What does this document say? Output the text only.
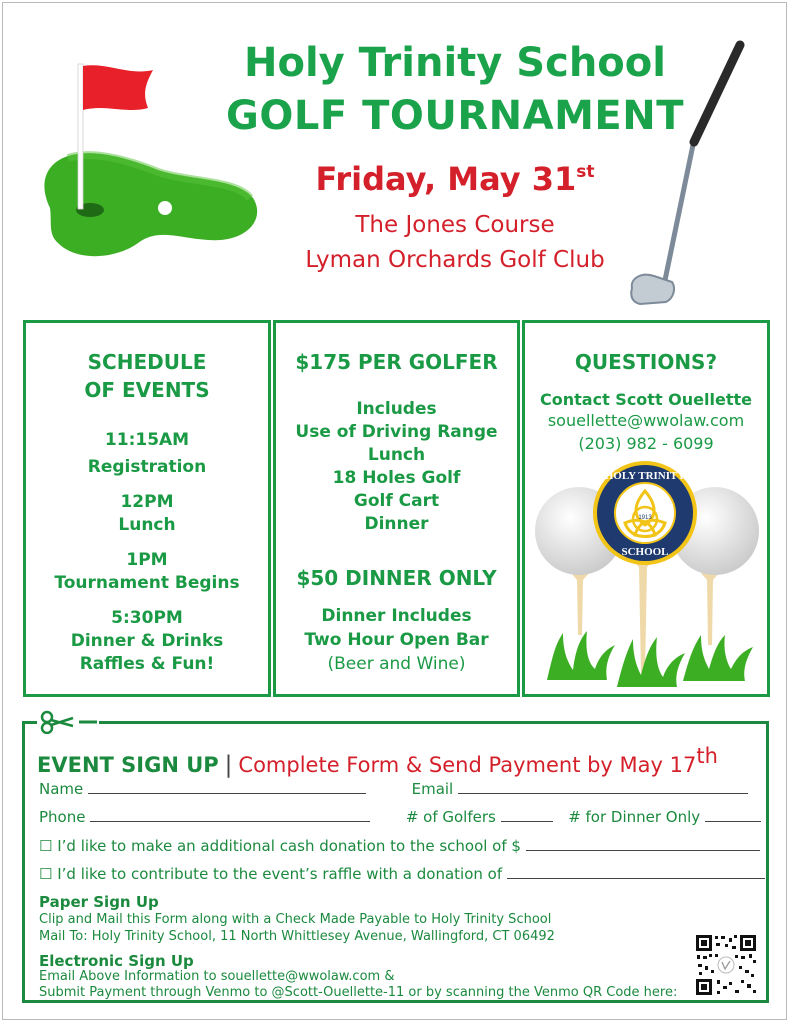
Holy Trinity School
GOLF TOURNAMENT
Friday, May 31st
The Jones Course
Lyman Orchards Golf Club
SCHEDULE
OF EVENTS
11:15AM
Registration
12PM
Lunch
1PM
Tournament Begins
5:30PM
Dinner & Drinks
Raffles & Fun!
$175 PER GOLFER
Includes
Use of Driving Range
Lunch
18 Holes Golf
Golf Cart
Dinner
$50 DINNER ONLY
Dinner Includes
Two Hour Open Bar
(Beer and Wine)
QUESTIONS?
Contact Scott Ouellette
souellette@wwolaw.com
(203) 982 - 6099
HOLY TRINITY
1913
SCHOOL
EVENT SIGN UP | Complete Form & Send Payment by May 17th
Name	Email
Phone	# of Golfers	# for Dinner Only
☐ I’d like to make an additional cash donation to the school of $
☐ I’d like to contribute to the event’s raffle with a donation of
Paper Sign Up
Clip and Mail this Form along with a Check Made Payable to Holy Trinity School
Mail To: Holy Trinity School, 11 North Whittlesey Avenue, Wallingford, CT 06492
Electronic Sign Up
Email Above Information to souellette@wwolaw.com &
Submit Payment through Venmo to @Scott-Ouellette-11 or by scanning the Venmo QR Code here:
